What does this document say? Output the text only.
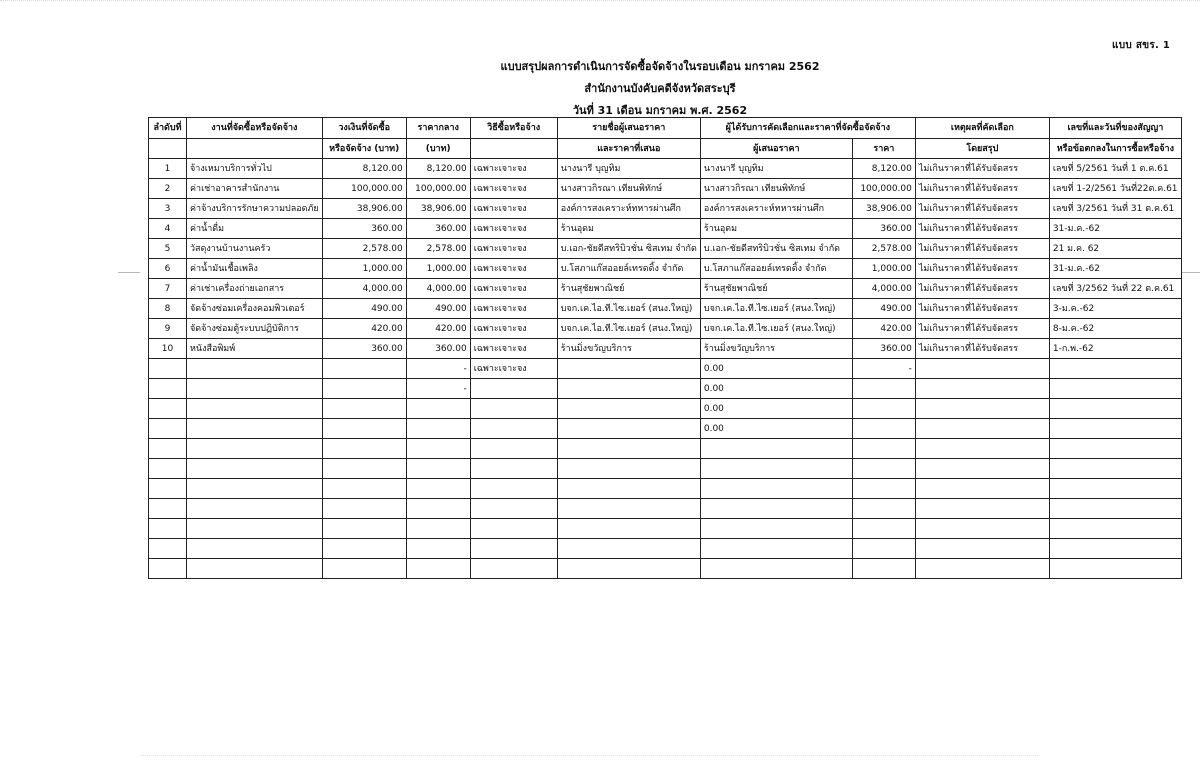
แบบ สขร. 1
แบบสรุปผลการดำเนินการจัดซื้อจัดจ้างในรอบเดือน มกราคม 2562
สำนักงานบังคับคดีจังหวัดสระบุรี
วันที่ 31 เดือน มกราคม พ.ศ. 2562
ลำดับที่	งานที่จัดซื้อหรือจัดจ้าง	วงเงินที่จัดซื้อ	ราคากลาง	วิธีซื้อหรือจ้าง	รายชื่อผู้เสนอราคา	ผู้ได้รับการคัดเลือกและราคาที่จัดซื้อจัดจ้าง		เหตุผลที่คัดเลือก	เลขที่และวันที่ของสัญญา
		หรือจัดจ้าง (บาท)	(บาท)		และราคาที่เสนอ	ผู้เสนอราคา	ราคา	โดยสรุป	หรือข้อตกลงในการซื้อหรือจ้าง
1	จ้างเหมาบริการทั่วไป	8,120.00	8,120.00	เฉพาะเจาะจง	นางนารี บุญทิม	นางนารี บุญทิม	8,120.00	ไม่เกินราคาที่ได้รับจัดสรร	เลขที่ 5/2561 วันที่ 1 ต.ค.61
2	ค่าเช่าอาคารสำนักงาน	100,000.00	100,000.00	เฉพาะเจาะจง	นางสาวกิรณา เทียนพิทักษ์	นางสาวกิรณา เทียนพิทักษ์	100,000.00	ไม่เกินราคาที่ได้รับจัดสรร	เลขที่ 1-2/2561 วันที่22ต.ค.61
3	ค่าจ้างบริการรักษาความปลอดภัย	38,906.00	38,906.00	เฉพาะเจาะจง	องค์การสงเคราะห์ทหารผ่านศึก	องค์การสงเคราะห์ทหารผ่านศึก	38,906.00	ไม่เกินราคาที่ได้รับจัดสรร	เลขที่ 3/2561 วันที่ 31 ต.ค.61
4	ค่าน้ำดื่ม	360.00	360.00	เฉพาะเจาะจง	ร้านอุดม	ร้านอุดม	360.00	ไม่เกินราคาที่ได้รับจัดสรร	31-ม.ค.-62
5	วัสดุงานบ้านงานครัว	2,578.00	2,578.00	เฉพาะเจาะจง	บ.เอก-ชัยดีสทริบิวชั่น ซิสเทม จำกัด	บ.เอก-ชัยดีสทริบิวชั่น ซิสเทม จำกัด	2,578.00	ไม่เกินราคาที่ได้รับจัดสรร	21 ม.ค. 62
6	ค่าน้ำมันเชื้อเพลิง	1,000.00	1,000.00	เฉพาะเจาะจง	บ.โสภาแก๊สออยล์เทรดดิ้ง จำกัด	บ.โสภาแก๊สออยล์เทรดดิ้ง จำกัด	1,000.00	ไม่เกินราคาที่ได้รับจัดสรร	31-ม.ค.-62
7	ค่าเช่าเครื่องถ่ายเอกสาร	4,000.00	4,000.00	เฉพาะเจาะจง	ร้านสุชัยพาณิชย์	ร้านสุชัยพาณิชย์	4,000.00	ไม่เกินราคาที่ได้รับจัดสรร	เลขที่ 3/2562 วันที่ 22 ต.ค.61
8	จัดจ้างซ่อมเครื่องคอมพิวเตอร์	490.00	490.00	เฉพาะเจาะจง	บจก.เค.ไอ.ที.ไซ.เยอร์ (สนง.ใหญ่)	บจก.เค.ไอ.ที.ไซ.เยอร์ (สนง.ใหญ่)	490.00	ไม่เกินราคาที่ได้รับจัดสรร	3-ม.ค.-62
9	จัดจ้างซ่อมตู้ระบบปฏิบัติการ	420.00	420.00	เฉพาะเจาะจง	บจก.เค.ไอ.ที.ไซ.เยอร์ (สนง.ใหญ่)	บจก.เค.ไอ.ที.ไซ.เยอร์ (สนง.ใหญ่)	420.00	ไม่เกินราคาที่ได้รับจัดสรร	8-ม.ค.-62
10	หนังสือพิมพ์	360.00	360.00	เฉพาะเจาะจง	ร้านมิ่งขวัญบริการ	ร้านมิ่งขวัญบริการ	360.00	ไม่เกินราคาที่ได้รับจัดสรร	1-ก.พ.-62
			-	เฉพาะเจาะจง		0.00	-		
			-			0.00			
						0.00			
						0.00			
